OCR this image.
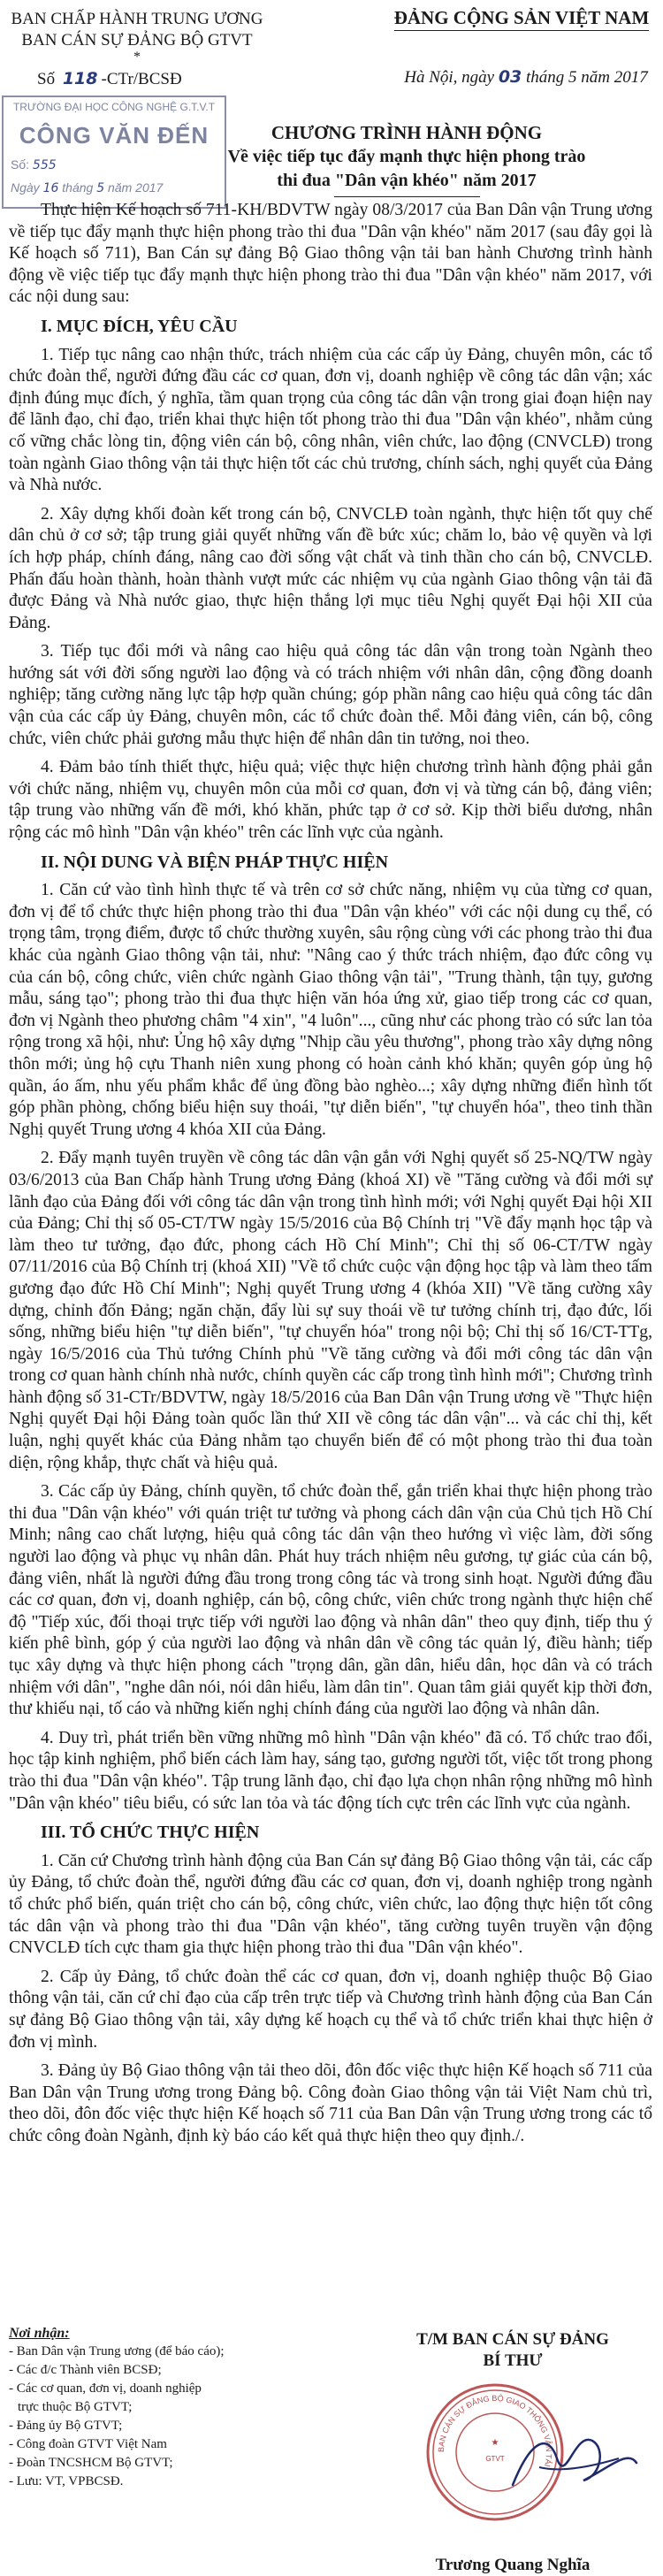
BAN CHẤP HÀNH TRUNG ƯƠNG
BAN CÁN SỰ ĐẢNG BỘ GTVT
*
ĐẢNG CỘNG SẢN VIỆT NAM
Số 118 -CTr/BCSĐ	Hà Nội, ngày 03 tháng 5 năm 2017
TRƯỜNG ĐẠI HỌC CÔNG NGHỆ G.T.V.T
CÔNG VĂN ĐẾN
Số: 555
Ngày 16 tháng 5 năm 2017
CHƯƠNG TRÌNH HÀNH ĐỘNG
Về việc tiếp tục đẩy mạnh thực hiện phong trào
thi đua "Dân vận khéo" năm 2017

Thực hiện Kế hoạch số 711-KH/BDVTW ngày 08/3/2017 của Ban Dân vận Trung ương về tiếp tục đẩy mạnh thực hiện phong trào thi đua "Dân vận khéo" năm 2017 (sau đây gọi là Kế hoạch số 711), Ban Cán sự đảng Bộ Giao thông vận tải ban hành Chương trình hành động về việc tiếp tục đẩy mạnh thực hiện phong trào thi đua "Dân vận khéo" năm 2017, với các nội dung sau:

I. MỤC ĐÍCH, YÊU CẦU

1. Tiếp tục nâng cao nhận thức, trách nhiệm của các cấp ủy Đảng, chuyên môn, các tổ chức đoàn thể, người đứng đầu các cơ quan, đơn vị, doanh nghiệp về công tác dân vận; xác định đúng mục đích, ý nghĩa, tầm quan trọng của công tác dân vận trong giai đoạn hiện nay để lãnh đạo, chỉ đạo, triển khai thực hiện tốt phong trào thi đua "Dân vận khéo", nhằm củng cố vững chắc lòng tin, động viên cán bộ, công nhân, viên chức, lao động (CNVCLĐ) trong toàn ngành Giao thông vận tải thực hiện tốt các chủ trương, chính sách, nghị quyết của Đảng và Nhà nước.

2. Xây dựng khối đoàn kết trong cán bộ, CNVCLĐ toàn ngành, thực hiện tốt quy chế dân chủ ở cơ sở; tập trung giải quyết những vấn đề bức xúc; chăm lo, bảo vệ quyền và lợi ích hợp pháp, chính đáng, nâng cao đời sống vật chất và tinh thần cho cán bộ, CNVCLĐ. Phấn đấu hoàn thành, hoàn thành vượt mức các nhiệm vụ của ngành Giao thông vận tải đã được Đảng và Nhà nước giao, thực hiện thắng lợi mục tiêu Nghị quyết Đại hội XII của Đảng.

3. Tiếp tục đổi mới và nâng cao hiệu quả công tác dân vận trong toàn Ngành theo hướng sát với đời sống người lao động và có trách nhiệm với nhân dân, cộng đồng doanh nghiệp; tăng cường năng lực tập hợp quần chúng; góp phần nâng cao hiệu quả công tác dân vận của các cấp ủy Đảng, chuyên môn, các tổ chức đoàn thể. Mỗi đảng viên, cán bộ, công chức, viên chức phải gương mẫu thực hiện để nhân dân tin tưởng, noi theo.

4. Đảm bảo tính thiết thực, hiệu quả; việc thực hiện chương trình hành động phải gắn với chức năng, nhiệm vụ, chuyên môn của mỗi cơ quan, đơn vị và từng cán bộ, đảng viên; tập trung vào những vấn đề mới, khó khăn, phức tạp ở cơ sở. Kịp thời biểu dương, nhân rộng các mô hình "Dân vận khéo" trên các lĩnh vực của ngành.

II. NỘI DUNG VÀ BIỆN PHÁP THỰC HIỆN

1. Căn cứ vào tình hình thực tế và trên cơ sở chức năng, nhiệm vụ của từng cơ quan, đơn vị để tổ chức thực hiện phong trào thi đua "Dân vận khéo" với các nội dung cụ thể, có trọng tâm, trọng điểm, được tổ chức thường xuyên, sâu rộng cùng với các phong trào thi đua khác của ngành Giao thông vận tải, như: "Nâng cao ý thức trách nhiệm, đạo đức công vụ của cán bộ, công chức, viên chức ngành Giao thông vận tải", "Trung thành, tận tụy, gương mẫu, sáng tạo"; phong trào thi đua thực hiện văn hóa ứng xử, giao tiếp trong các cơ quan, đơn vị Ngành theo phương châm "4 xin", "4 luôn"..., cũng như các phong trào có sức lan tỏa rộng trong xã hội, như: Ủng hộ xây dựng "Nhịp cầu yêu thương", phong trào xây dựng nông thôn mới; ủng hộ cựu Thanh niên xung phong có hoàn cảnh khó khăn; quyên góp ủng hộ quần, áo ấm, nhu yếu phẩm khắc để ủng đồng bào nghèo...; xây dựng những điển hình tốt góp phần phòng, chống biểu hiện suy thoái, "tự diễn biến", "tự chuyển hóa", theo tinh thần Nghị quyết Trung ương 4 khóa XII của Đảng.

2. Đẩy mạnh tuyên truyền về công tác dân vận gắn với Nghị quyết số 25-NQ/TW ngày 03/6/2013 của Ban Chấp hành Trung ương Đảng (khoá XI) về "Tăng cường và đổi mới sự lãnh đạo của Đảng đối với công tác dân vận trong tình hình mới; với Nghị quyết Đại hội XII của Đảng; Chỉ thị số 05-CT/TW ngày 15/5/2016 của Bộ Chính trị "Về đẩy mạnh học tập và làm theo tư tưởng, đạo đức, phong cách Hồ Chí Minh"; Chỉ thị số 06-CT/TW ngày 07/11/2016 của Bộ Chính trị (khoá XII) "Về tổ chức cuộc vận động học tập và làm theo tấm gương đạo đức Hồ Chí Minh"; Nghị quyết Trung ương 4 (khóa XII) "Về tăng cường xây dựng, chỉnh đốn Đảng; ngăn chặn, đẩy lùi sự suy thoái về tư tưởng chính trị, đạo đức, lối sống, những biểu hiện "tự diễn biến", "tự chuyển hóa" trong nội bộ; Chỉ thị số 16/CT-TTg, ngày 16/5/2016 của Thủ tướng Chính phủ "Về tăng cường và đổi mới công tác dân vận trong cơ quan hành chính nhà nước, chính quyền các cấp trong tình hình mới"; Chương trình hành động số 31-CTr/BDVTW, ngày 18/5/2016 của Ban Dân vận Trung ương về "Thực hiện Nghị quyết Đại hội Đảng toàn quốc lần thứ XII về công tác dân vận"... và các chỉ thị, kết luận, nghị quyết khác của Đảng nhằm tạo chuyển biến để có một phong trào thi đua toàn diện, rộng khắp, thực chất và hiệu quả.

3. Các cấp ủy Đảng, chính quyền, tổ chức đoàn thể, gắn triển khai thực hiện phong trào thi đua "Dân vận khéo" với quán triệt tư tưởng và phong cách dân vận của Chủ tịch Hồ Chí Minh; nâng cao chất lượng, hiệu quả công tác dân vận theo hướng vì việc làm, đời sống người lao động và phục vụ nhân dân. Phát huy trách nhiệm nêu gương, tự giác của cán bộ, đảng viên, nhất là người đứng đầu trong trong công tác và trong sinh hoạt. Người đứng đầu các cơ quan, đơn vị, doanh nghiệp, cán bộ, công chức, viên chức trong ngành thực hiện chế độ "Tiếp xúc, đối thoại trực tiếp với người lao động và nhân dân" theo quy định, tiếp thu ý kiến phê bình, góp ý của người lao động và nhân dân về công tác quản lý, điều hành; tiếp tục xây dựng và thực hiện phong cách "trọng dân, gần dân, hiểu dân, học dân và có trách nhiệm với dân", "nghe dân nói, nói dân hiểu, làm dân tin". Quan tâm giải quyết kịp thời đơn, thư khiếu nại, tố cáo và những kiến nghị chính đáng của người lao động và nhân dân.

4. Duy trì, phát triển bền vững những mô hình "Dân vận khéo" đã có. Tổ chức trao đổi, học tập kinh nghiệm, phổ biến cách làm hay, sáng tạo, gương người tốt, việc tốt trong phong trào thi đua "Dân vận khéo". Tập trung lãnh đạo, chỉ đạo lựa chọn nhân rộng những mô hình "Dân vận khéo" tiêu biểu, có sức lan tỏa và tác động tích cực trên các lĩnh vực của ngành.

III. TỔ CHỨC THỰC HIỆN

1. Căn cứ Chương trình hành động của Ban Cán sự đảng Bộ Giao thông vận tải, các cấp ủy Đảng, tổ chức đoàn thể, người đứng đầu các cơ quan, đơn vị, doanh nghiệp trong ngành tổ chức phổ biến, quán triệt cho cán bộ, công chức, viên chức, lao động thực hiện tốt công tác dân vận và phong trào thi đua "Dân vận khéo", tăng cường tuyên truyền vận động CNVCLĐ tích cực tham gia thực hiện phong trào thi đua "Dân vận khéo".

2. Cấp ủy Đảng, tổ chức đoàn thể các cơ quan, đơn vị, doanh nghiệp thuộc Bộ Giao thông vận tải, căn cứ chỉ đạo của cấp trên trực tiếp và Chương trình hành động của Ban Cán sự đảng Bộ Giao thông vận tải, xây dựng kế hoạch cụ thể và tổ chức triển khai thực hiện ở đơn vị mình.

3. Đảng ủy Bộ Giao thông vận tải theo dõi, đôn đốc việc thực hiện Kế hoạch số 711 của Ban Dân vận Trung ương trong Đảng bộ. Công đoàn Giao thông vận tải Việt Nam chủ trì, theo dõi, đôn đốc việc thực hiện Kế hoạch số 711 của Ban Dân vận Trung ương trong các tổ chức công đoàn Ngành, định kỳ báo cáo kết quả thực hiện theo quy định./.

Nơi nhận:
- Ban Dân vận Trung ương (để báo cáo);
- Các đ/c Thành viên BCSĐ;
- Các cơ quan, đơn vị, doanh nghiệp
trực thuộc Bộ GTVT;
- Đảng ủy Bộ GTVT;
- Công đoàn GTVT Việt Nam
- Đoàn TNCSHCM Bộ GTVT;
- Lưu: VT, VPBCSĐ.
T/M BAN CÁN SỰ ĐẢNG
BÍ THƯ
BAN CÁN SỰ ĐẢNG BỘ GIAO THÔNG VẬN TẢI
★
GTVT
Trương Quang Nghĩa
